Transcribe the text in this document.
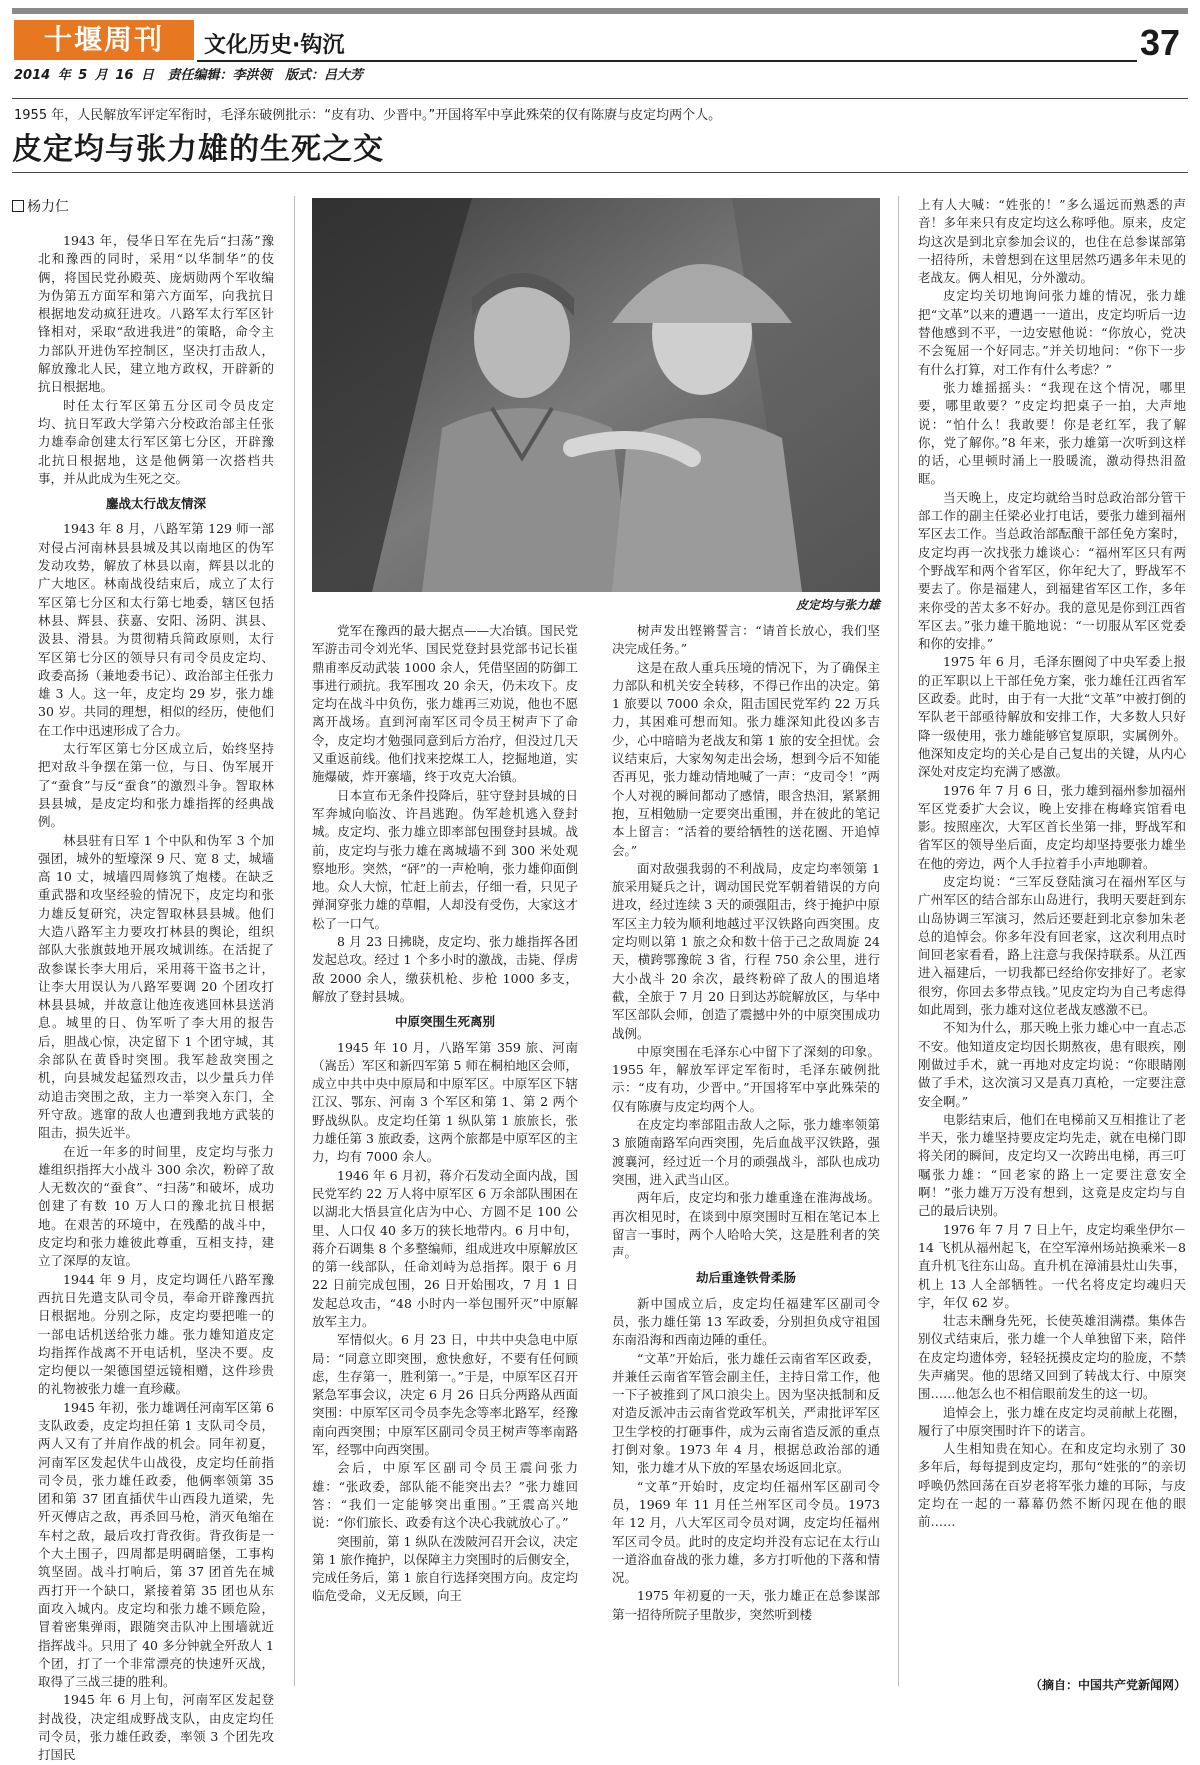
十堰周刊	文化历史·钩沉	37
2014 年 5 月 16 日 责任编辑：李洪领 版式：吕大芳
1955 年，人民解放军评定军衔时，毛泽东破例批示：“皮有功、少晋中。”开国将军中享此殊荣的仅有陈赓与皮定均两个人。
皮定均与张力雄的生死之交
杨力仁

1943 年，侵华日军在先后“扫荡”豫北和豫西的同时，采用“以华制华”的伎俩，将国民党孙殿英、庞炳勋两个军收编为伪第五方面军和第六方面军，向我抗日根据地发动疯狂进攻。八路军太行军区针锋相对，采取“敌进我进”的策略，命令主力部队开进伪军控制区，坚决打击敌人，解放豫北人民，建立地方政权，开辟新的抗日根据地。

时任太行军区第五分区司令员皮定均、抗日军政大学第六分校政治部主任张力雄奉命创建太行军区第七分区，开辟豫北抗日根据地，这是他俩第一次搭档共事，并从此成为生死之交。

鏖战太行战友情深

1943 年 8 月，八路军第 129 师一部对侵占河南林县县城及其以南地区的伪军发动攻势，解放了林县以南，辉县以北的广大地区。林南战役结束后，成立了太行军区第七分区和太行第七地委，辖区包括林县、辉县、获嘉、安阳、汤阴、淇县、汲县、滑县。为贯彻精兵简政原则，太行军区第七分区的领导只有司令员皮定均、政委高扬（兼地委书记）、政治部主任张力雄 3 人。这一年，皮定均 29 岁，张力雄 30 岁。共同的理想，相似的经历，使他们在工作中迅速形成了合力。

太行军区第七分区成立后，始终坚持把对敌斗争摆在第一位，与日、伪军展开了“蚕食”与反“蚕食”的激烈斗争。智取林县县城，是皮定均和张力雄指挥的经典战例。

林县驻有日军 1 个中队和伪军 3 个加强团，城外的堑壕深 9 尺、宽 8 丈，城墙高 10 丈，城墙四周修筑了炮楼。在缺乏重武器和攻坚经验的情况下，皮定均和张力雄反复研究，决定智取林县县城。他们大造八路军主力要攻打林县的舆论，组织部队大张旗鼓地开展攻城训练。在活捉了敌参谋长李大用后，采用蒋干盗书之计，让李大用误认为八路军要调 20 个团攻打林县县城，并故意让他连夜逃回林县送消息。城里的日、伪军听了李大用的报告后，胆战心惊，决定留下 1 个团守城，其余部队在黄昏时突围。我军趁敌突围之机，向县城发起猛烈攻击，以少量兵力佯动追击突围之敌，主力一举突入东门，全歼守敌。逃窜的敌人也遭到我地方武装的阻击，损失近半。

在近一年多的时间里，皮定均与张力雄组织指挥大小战斗 300 余次，粉碎了敌人无数次的“蚕食”、“扫荡”和破坏，成功创建了有数 10 万人口的豫北抗日根据地。在艰苦的环境中，在残酷的战斗中，皮定均和张力雄彼此尊重，互相支持，建立了深厚的友谊。

1944 年 9 月，皮定均调任八路军豫西抗日先遣支队司令员，奉命开辟豫西抗日根据地。分别之际，皮定均要把唯一的一部电话机送给张力雄。张力雄知道皮定均指挥作战离不开电话机，坚决不要。皮定均便以一架德国望远镜相赠，这件珍贵的礼物被张力雄一直珍藏。

1945 年初，张力雄调任河南军区第 6 支队政委，皮定均担任第 1 支队司令员，两人又有了并肩作战的机会。同年初夏，河南军区发起伏牛山战役，皮定均任前指司令员，张力雄任政委，他俩率领第 35 团和第 37 团直插伏牛山西段九道梁，先歼灭傅店之敌，再杀回马枪，消灭龟缩在车村之敌，最后攻打背孜街。背孜街是一个大土围子，四周都是明碉暗堡，工事构筑坚固。战斗打响后，第 37 团首先在城西打开一个缺口，紧接着第 35 团也从东面攻入城内。皮定均和张力雄不顾危险，冒着密集弹雨，跟随突击队冲上围墙就近指挥战斗。只用了 40 多分钟就全歼敌人 1 个团，打了一个非常漂亮的快速歼灭战，取得了三战三捷的胜利。

1945 年 6 月上旬，河南军区发起登封战役，决定组成野战支队，由皮定均任司令员，张力雄任政委，率领 3 个团先攻打国民

皮定均与张力雄

党军在豫西的最大据点——大冶镇。国民党军游击司令刘光华、国民党登封县党部书记长崔鼎甫率反动武装 1000 余人，凭借坚固的防御工事进行顽抗。我军围攻 20 余天，仍未攻下。皮定均在战斗中负伤，张力雄再三劝说，他也不愿离开战场。直到河南军区司令员王树声下了命令，皮定均才勉强同意到后方治疗，但没过几天又重返前线。他们找来挖煤工人，挖掘地道，实施爆破，炸开寨墙，终于攻克大冶镇。

日本宣布无条件投降后，驻守登封县城的日军奔城向临汝、许昌逃跑。伪军趁机逃入登封城。皮定均、张力雄立即率部包围登封县城。战前，皮定均与张力雄在离城墙不到 300 米处观察地形。突然，“砰”的一声枪响，张力雄仰面倒地。众人大惊，忙赶上前去，仔细一看，只见子弹洞穿张力雄的草帽，人却没有受伤，大家这才松了一口气。

8 月 23 日拂晓，皮定均、张力雄指挥各团发起总攻。经过 1 个多小时的激战，击毙、俘虏敌 2000 余人，缴获机枪、步枪 1000 多支，解放了登封县城。

中原突围生死离别

1945 年 10 月，八路军第 359 旅、河南（嵩岳）军区和新四军第 5 师在桐柏地区会师，成立中共中央中原局和中原军区。中原军区下辖江汉、鄂东、河南 3 个军区和第 1、第 2 两个野战纵队。皮定均任第 1 纵队第 1 旅旅长，张力雄任第 3 旅政委，这两个旅都是中原军区的主力，均有 7000 余人。

1946 年 6 月初，蒋介石发动全面内战，国民党军约 22 万人将中原军区 6 万余部队围困在以湖北大悟县宣化店为中心、方圆不足 100 公里、人口仅 40 多万的狭长地带内。6 月中旬，蒋介石调集 8 个多整编师，组成进攻中原解放区的第一线部队，任命刘峙为总指挥。限于 6 月 22 日前完成包围，26 日开始围攻，7 月 1 日发起总攻击，“48 小时内一举包围歼灭”中原解放军主力。

军情似火。6 月 23 日，中共中央急电中原局：“同意立即突围，愈快愈好，不要有任何顾虑，生存第一，胜利第一。”于是，中原军区召开紧急军事会议，决定 6 月 26 日兵分两路从西面突围：中原军区司令员李先念等率北路军，经豫南向西突围；中原军区副司令员王树声等率南路军，经鄂中向西突围。

会后，中原军区副司令员王震问张力雄：“张政委，部队能不能突出去？”张力雄回答：“我们一定能够突出重围。”王震高兴地说：“你们旅长、政委有这个决心我就放心了。”

突围前，第 1 纵队在泼陂河召开会议，决定第 1 旅作掩护，以保障主力突围时的后侧安全，完成任务后，第 1 旅自行选择突围方向。皮定均临危受命，义无反顾，向王

树声发出铿锵誓言：“请首长放心，我们坚决完成任务。”

这是在敌人重兵压境的情况下，为了确保主力部队和机关安全转移，不得已作出的决定。第 1 旅要以 7000 余众，阻击国民党军约 22 万兵力，其困难可想而知。张力雄深知此役凶多吉少，心中暗暗为老战友和第 1 旅的安全担忧。会议结束后，大家匆匆走出会场，想到今后不知能否再见，张力雄动情地喊了一声：“皮司令！”两个人对视的瞬间都动了感情，眼含热泪，紧紧拥抱，互相勉励一定要突出重围，并在彼此的笔记本上留言：“活着的要给牺牲的送花圈、开追悼会。”

面对敌强我弱的不利战局，皮定均率领第 1 旅采用疑兵之计，调动国民党军朝着错误的方向进攻，经过连续 3 天的顽强阻击，终于掩护中原军区主力较为顺利地越过平汉铁路向西突围。皮定均则以第 1 旅之众和数十倍于己之敌周旋 24 天，横跨鄂豫皖 3 省，行程 750 余公里，进行大小战斗 20 余次，最终粉碎了敌人的围追堵截，全旅于 7 月 20 日到达苏皖解放区，与华中军区部队会师，创造了震撼中外的中原突围成功战例。

中原突围在毛泽东心中留下了深刻的印象。1955 年，解放军评定军衔时，毛泽东破例批示：“皮有功，少晋中。”开国将军中享此殊荣的仅有陈赓与皮定均两个人。

在皮定均率部阻击敌人之际，张力雄率领第 3 旅随南路军向西突围，先后血战平汉铁路，强渡襄河，经过近一个月的顽强战斗，部队也成功突围，进入武当山区。

两年后，皮定均和张力雄重逢在淮海战场。再次相见时，在谈到中原突围时互相在笔记本上留言一事时，两个人哈哈大笑，这是胜利者的笑声。

劫后重逢铁骨柔肠

新中国成立后，皮定均任福建军区副司令员，张力雄任第 13 军政委，分别担负戍守祖国东南沿海和西南边陲的重任。

“文革”开始后，张力雄任云南省军区政委，并兼任云南省军管会副主任，主持日常工作，他一下子被推到了风口浪尖上。因为坚决抵制和反对造反派冲击云南省党政军机关，严肃批评军区卫生学校的打砸事件，成为云南省造反派的重点打倒对象。1973 年 4 月，根据总政治部的通知，张力雄才从下放的军垦农场返回北京。

“文革”开始时，皮定均任福州军区副司令员，1969 年 11 月任兰州军区司令员。1973 年 12 月，八大军区司令员对调，皮定均任福州军区司令员。此时的皮定均并没有忘记在太行山一道浴血奋战的张力雄，多方打听他的下落和情况。

1975 年初夏的一天，张力雄正在总参谋部第一招待所院子里散步，突然听到楼

上有人大喊：“姓张的！”多么遥远而熟悉的声音！多年来只有皮定均这么称呼他。原来，皮定均这次是到北京参加会议的，也住在总参谋部第一招待所，未曾想到在这里居然巧遇多年未见的老战友。俩人相见，分外激动。

皮定均关切地询问张力雄的情况，张力雄把“文革”以来的遭遇一一道出，皮定均听后一边替他感到不平，一边安慰他说：“你放心，党决不会冤屈一个好同志。”并关切地问：“你下一步有什么打算，对工作有什么考虑？”

张力雄摇摇头：“我现在这个情况，哪里要，哪里敢要？”皮定均把桌子一拍，大声地说：“怕什么！我敢要！你是老红军，我了解你，党了解你。”8 年来，张力雄第一次听到这样的话，心里顿时涌上一股暖流，激动得热泪盈眶。

当天晚上，皮定均就给当时总政治部分管干部工作的副主任梁必业打电话，要张力雄到福州军区去工作。当总政治部酝酿干部任免方案时，皮定均再一次找张力雄谈心：“福州军区只有两个野战军和两个省军区，你年纪大了，野战军不要去了。你是福建人，到福建省军区工作，多年来你受的苦太多不好办。我的意见是你到江西省军区去。”张力雄干脆地说：“一切服从军区党委和你的安排。”

1975 年 6 月，毛泽东圈阅了中央军委上报的正军职以上干部任免方案，张力雄任江西省军区政委。此时，由于有一大批“文革”中被打倒的军队老干部亟待解放和安排工作，大多数人只好降一级使用，张力雄能够官复原职，实属例外。他深知皮定均的关心是自己复出的关键，从内心深处对皮定均充满了感激。

1976 年 7 月 6 日，张力雄到福州参加福州军区党委扩大会议，晚上安排在梅峰宾馆看电影。按照座次，大军区首长坐第一排，野战军和省军区的领导坐后面，皮定均却坚持要张力雄坐在他的旁边，两个人手拉着手小声地聊着。

皮定均说：“三军反登陆演习在福州军区与广州军区的结合部东山岛进行，我明天要赶到东山岛协调三军演习，然后还要赶到北京参加朱老总的追悼会。你多年没有回老家，这次利用点时间回老家看看，路上注意与我保持联系。从江西进入福建后，一切我都已经给你安排好了。老家很穷，你回去多带点钱。”见皮定均为自己考虑得如此周到，张力雄对这位老战友感激不已。

不知为什么，那天晚上张力雄心中一直忐忑不安。他知道皮定均因长期熬夜，患有眼疾，刚刚做过手术，就一再地对皮定均说：“你眼睛刚做了手术，这次演习又是真刀真枪，一定要注意安全啊。”

电影结束后，他们在电梯前又互相推让了老半天，张力雄坚持要皮定均先走，就在电梯门即将关闭的瞬间，皮定均又一次跨出电梯，再三叮嘱张力雄：“回老家的路上一定要注意安全啊！”张力雄万万没有想到，这竟是皮定均与自己的最后诀别。

1976 年 7 月 7 日上午，皮定均乘坐伊尔－14 飞机从福州起飞，在空军漳州场站换乘米－8 直升机飞往东山岛。直升机在漳浦县灶山失事，机上 13 人全部牺牲。一代名将皮定均魂归天宇，年仅 62 岁。

壮志未酬身先死，长使英雄泪满襟。集体告别仪式结束后，张力雄一个人单独留下来，陪伴在皮定均遗体旁，轻轻抚摸皮定均的脸庞，不禁失声痛哭。他的思绪又回到了转战太行、中原突围……他怎么也不相信眼前发生的这一切。

追悼会上，张力雄在皮定均灵前献上花圈，履行了中原突围时许下的诺言。

人生相知贵在知心。在和皮定均永别了 30 多年后，每每提到皮定均，那句“姓张的”的亲切呼唤仍然回荡在百岁老将军张力雄的耳际，与皮定均在一起的一幕幕仍然不断闪现在他的眼前……

（摘自：中国共产党新闻网）
